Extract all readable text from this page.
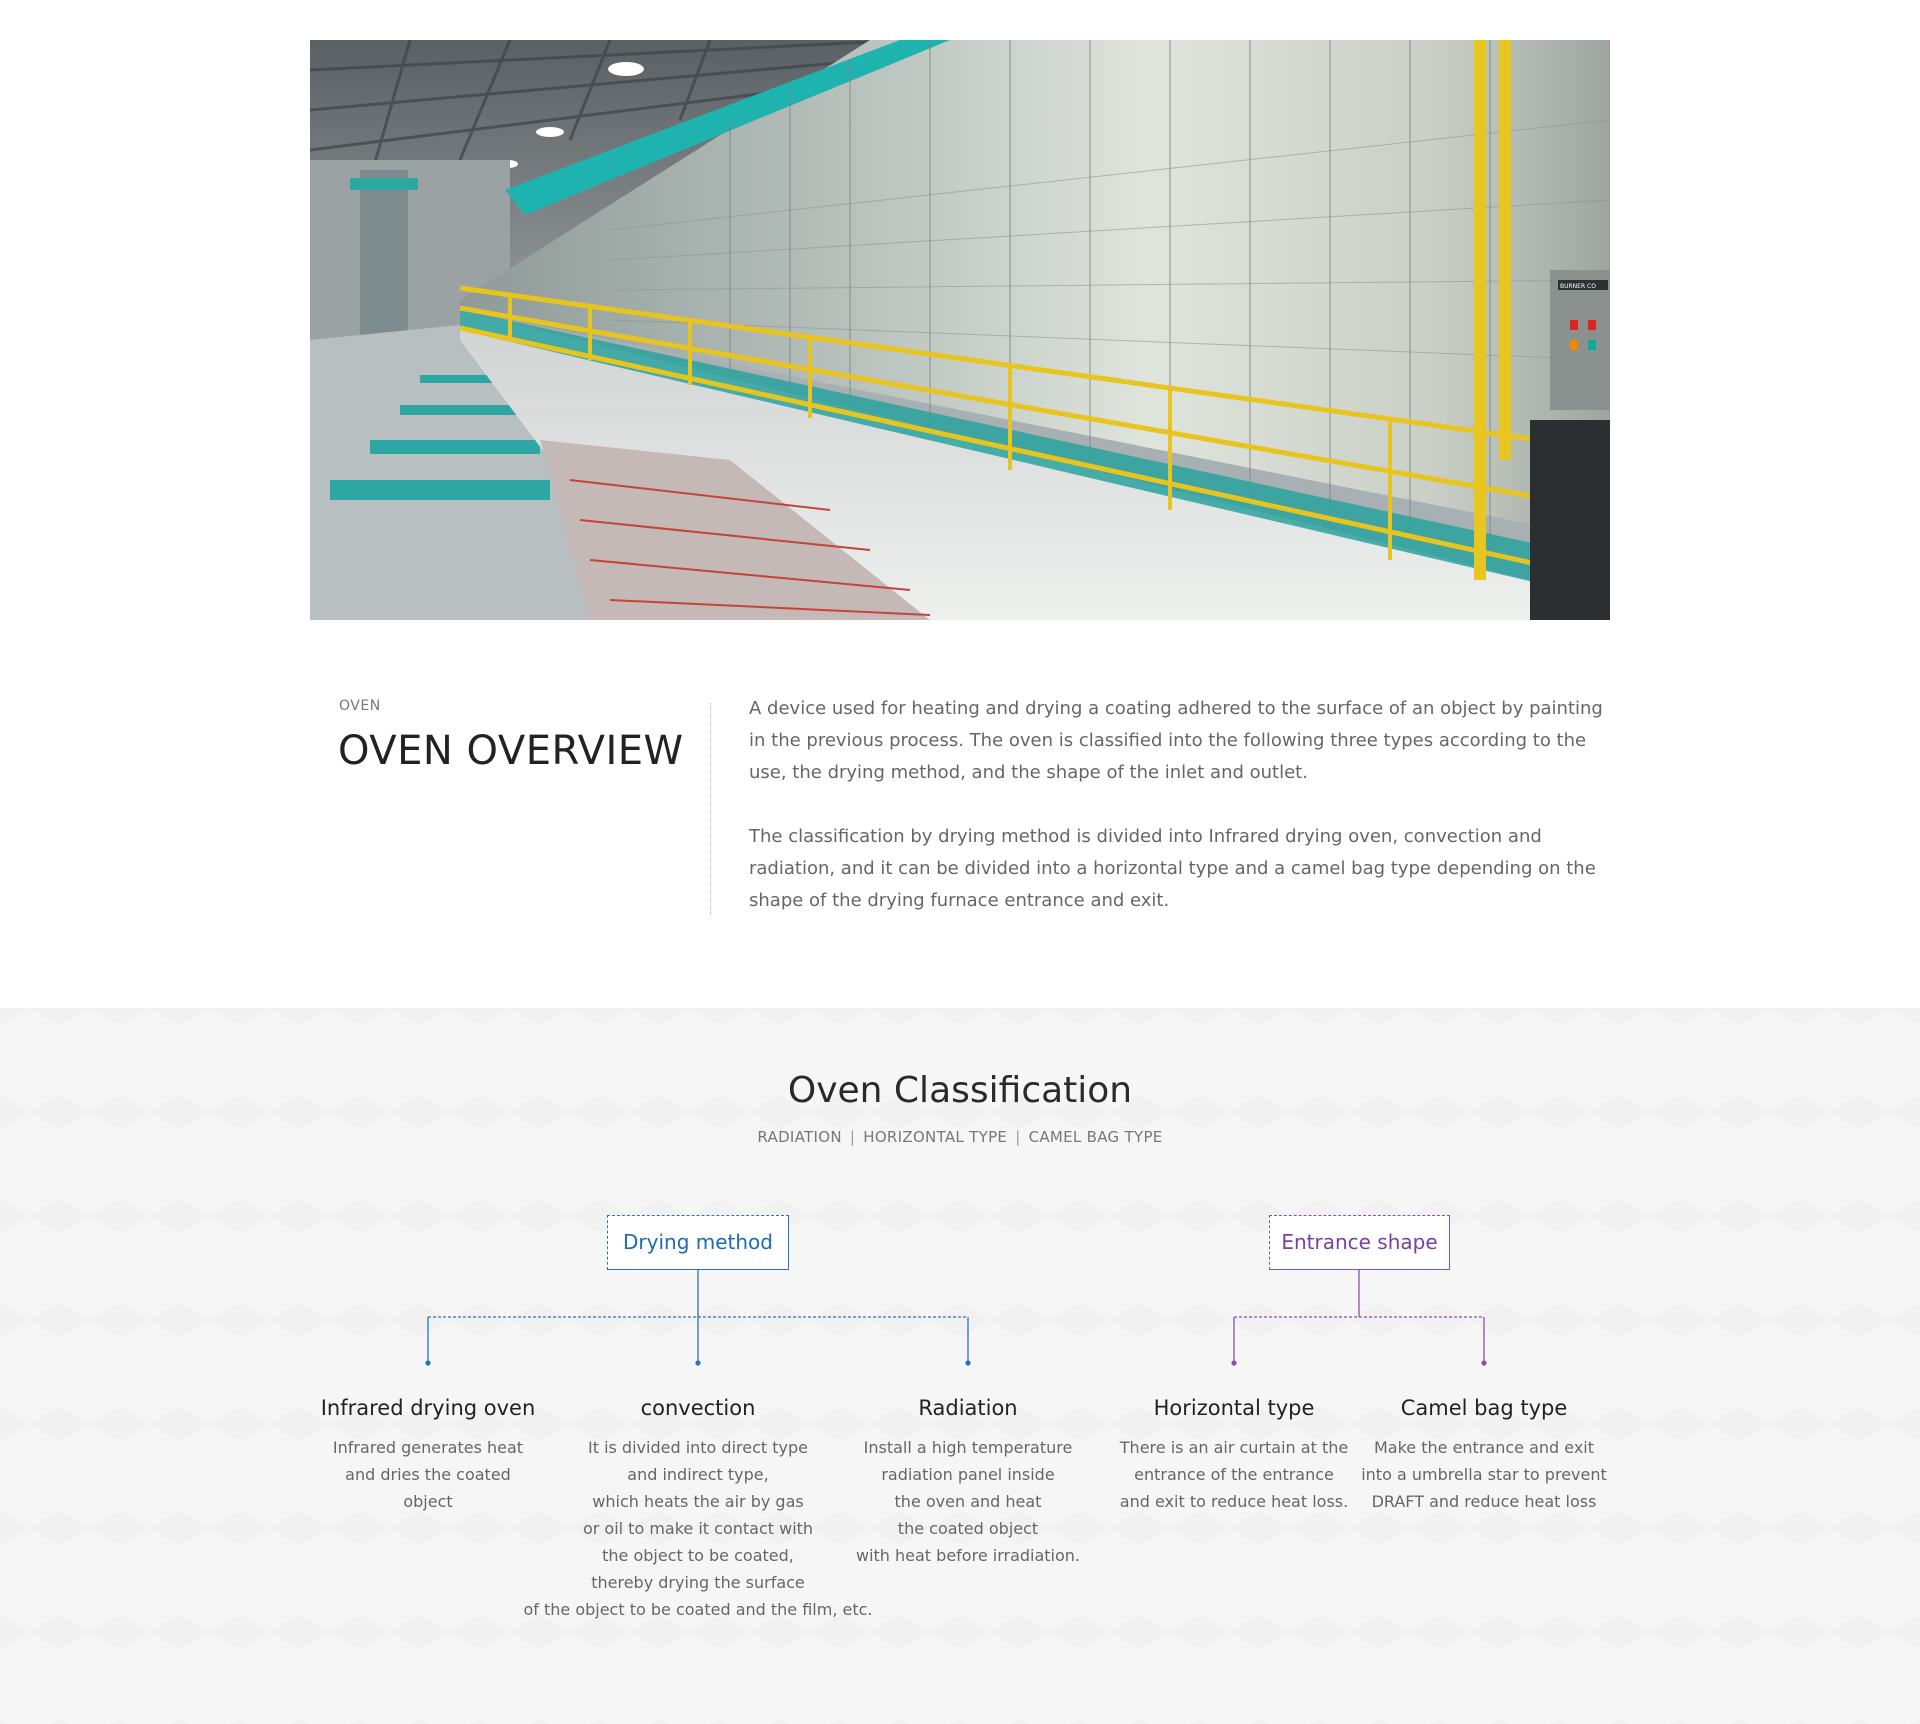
BURNER CO
OVEN
OVEN OVERVIEW

A device used for heating and drying a coating adhered to the surface of an object by painting in the previous process. The oven is classified into the following three types according to the use, the drying method, and the shape of the inlet and outlet.

The classification by drying method is divided into Infrared drying oven, convection and radiation, and it can be divided into a horizontal type and a camel bag type depending on the shape of the drying furnace entrance and exit.

Oven Classification
RADIATION | HORIZONTAL TYPE | CAMEL BAG TYPE
Drying method	Entrance shape
Infrared drying oven
Infrared generates heat
and dries the coated object
convection
It is divided into direct type
and indirect type,
which heats the air by gas
or oil to make it contact with
the object to be coated,
thereby drying the surface
of the object to be coated and the film, etc.
Radiation
Install a high temperature
radiation panel inside
the oven and heat
the coated object
with heat before irradiation.
Horizontal type
There is an air curtain at the
entrance of the entrance
and exit to reduce heat loss.
Camel bag type
Make the entrance and exit
into a umbrella star to prevent
DRAFT and reduce heat loss
